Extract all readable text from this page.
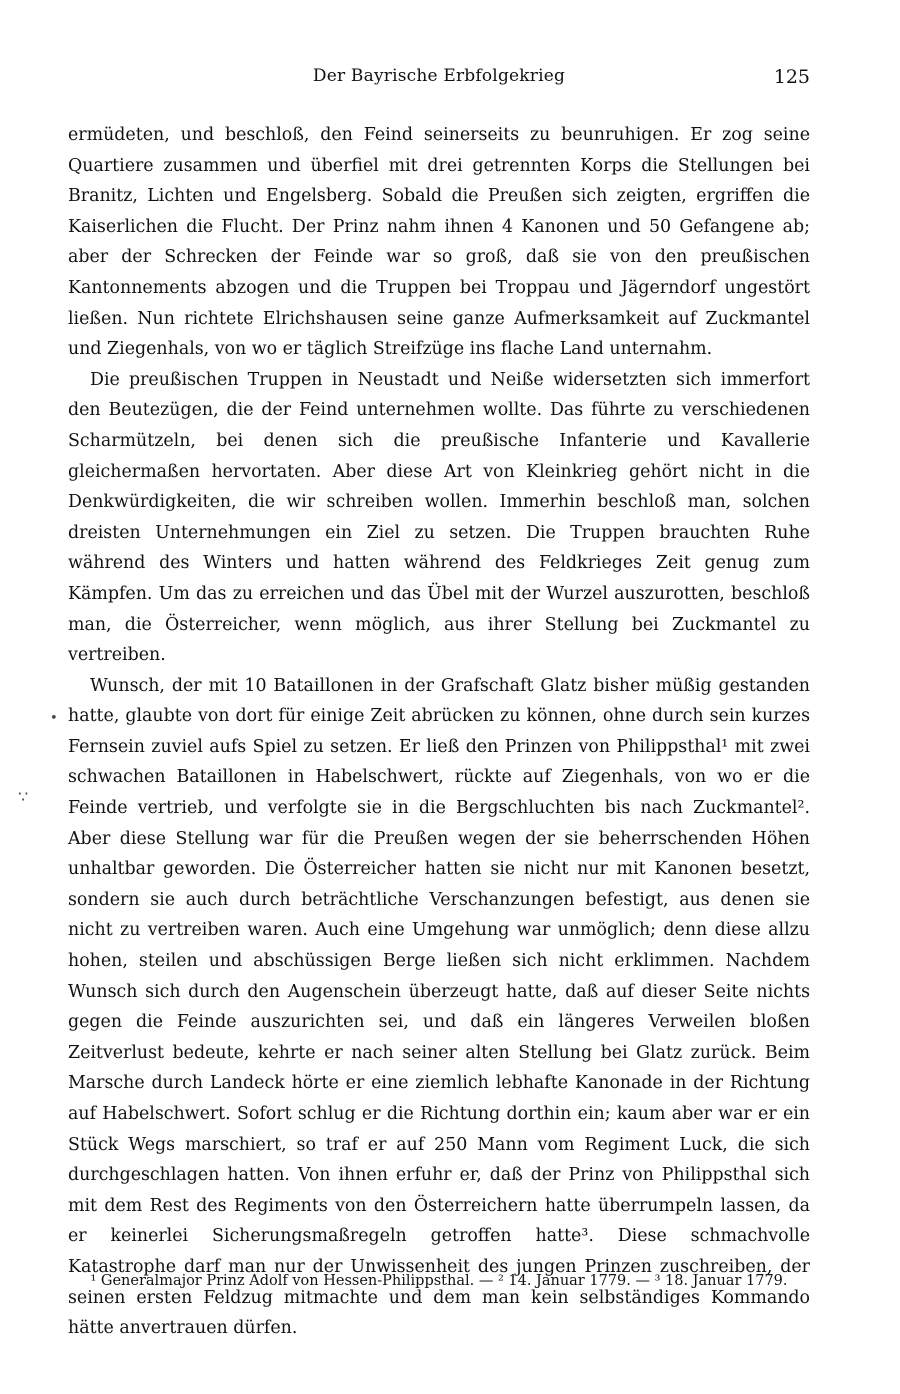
Der Bayrische Erbfolgekrieg	125

ermüdeten, und beschloß, den Feind seinerseits zu beunruhigen. Er zog seine Quartiere zusammen und überfiel mit drei getrennten Korps die Stellungen bei Branitz, Lichten und Engelsberg. Sobald die Preußen sich zeigten, ergriffen die Kaiserlichen die Flucht. Der Prinz nahm ihnen 4 Kanonen und 50 Gefangene ab; aber der Schrecken der Feinde war so groß, daß sie von den preußischen Kantonnements abzogen und die Truppen bei Troppau und Jägerndorf ungestört ließen. Nun richtete Elrichshausen seine ganze Aufmerksamkeit auf Zuckmantel und Ziegenhals, von wo er täglich Streifzüge ins flache Land unternahm.

Die preußischen Truppen in Neustadt und Neiße widersetzten sich immerfort den Beutezügen, die der Feind unternehmen wollte. Das führte zu verschiedenen Scharmützeln, bei denen sich die preußische Infanterie und Kavallerie gleichermaßen hervortaten. Aber diese Art von Kleinkrieg gehört nicht in die Denkwürdigkeiten, die wir schreiben wollen. Immerhin beschloß man, solchen dreisten Unternehmungen ein Ziel zu setzen. Die Truppen brauchten Ruhe während des Winters und hatten während des Feldkrieges Zeit genug zum Kämpfen. Um das zu erreichen und das Übel mit der Wurzel auszurotten, beschloß man, die Österreicher, wenn möglich, aus ihrer Stellung bei Zuckmantel zu vertreiben.

Wunsch, der mit 10 Bataillonen in der Grafschaft Glatz bisher müßig gestanden hatte, glaubte von dort für einige Zeit abrücken zu können, ohne durch sein kurzes Fernsein zuviel aufs Spiel zu setzen. Er ließ den Prinzen von Philippsthal¹ mit zwei schwachen Bataillonen in Habelschwert, rückte auf Ziegenhals, von wo er die Feinde vertrieb, und verfolgte sie in die Bergschluchten bis nach Zuckmantel². Aber diese Stellung war für die Preußen wegen der sie beherrschenden Höhen unhaltbar geworden. Die Österreicher hatten sie nicht nur mit Kanonen besetzt, sondern sie auch durch beträchtliche Verschanzungen befestigt, aus denen sie nicht zu vertreiben waren. Auch eine Umgehung war unmöglich; denn diese allzu hohen, steilen und abschüssigen Berge ließen sich nicht erklimmen. Nachdem Wunsch sich durch den Augenschein überzeugt hatte, daß auf dieser Seite nichts gegen die Feinde auszurichten sei, und daß ein längeres Verweilen bloßen Zeitverlust bedeute, kehrte er nach seiner alten Stellung bei Glatz zurück. Beim Marsche durch Landeck hörte er eine ziemlich lebhafte Kanonade in der Richtung auf Habelschwert. Sofort schlug er die Richtung dorthin ein; kaum aber war er ein Stück Wegs marschiert, so traf er auf 250 Mann vom Regiment Luck, die sich durchgeschlagen hatten. Von ihnen erfuhr er, daß der Prinz von Philippsthal sich mit dem Rest des Regiments von den Österreichern hatte überrumpeln lassen, da er keinerlei Sicherungsmaßregeln getroffen hatte³. Diese schmachvolle Katastrophe darf man nur der Unwissenheit des jungen Prinzen zuschreiben, der seinen ersten Feldzug mitmachte und dem man kein selbständiges Kommando hätte anvertrauen dürfen.

¹ Generalmajor Prinz Adolf von Hessen-Philippsthal. — ² 14. Januar 1779. — ³ 18. Januar 1779.
•
∵
